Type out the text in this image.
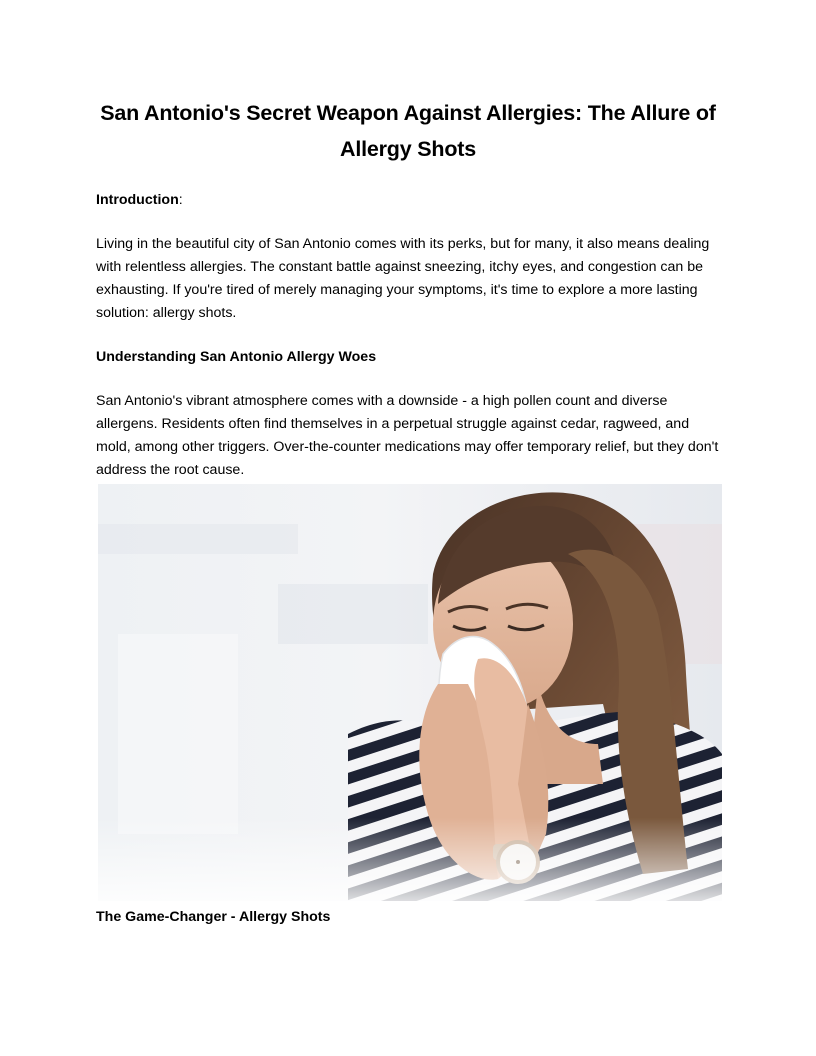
San Antonio's Secret Weapon Against Allergies: The Allure of Allergy Shots

Introduction:

Living in the beautiful city of San Antonio comes with its perks, but for many, it also means dealing with relentless allergies. The constant battle against sneezing, itchy eyes, and congestion can be exhausting. If you're tired of merely managing your symptoms, it's time to explore a more lasting solution: allergy shots.

Understanding San Antonio Allergy Woes

San Antonio's vibrant atmosphere comes with a downside - a high pollen count and diverse allergens. Residents often find themselves in a perpetual struggle against cedar, ragweed, and mold, among other triggers. Over-the-counter medications may offer temporary relief, but they don't address the root cause.

The Game-Changer - Allergy Shots
